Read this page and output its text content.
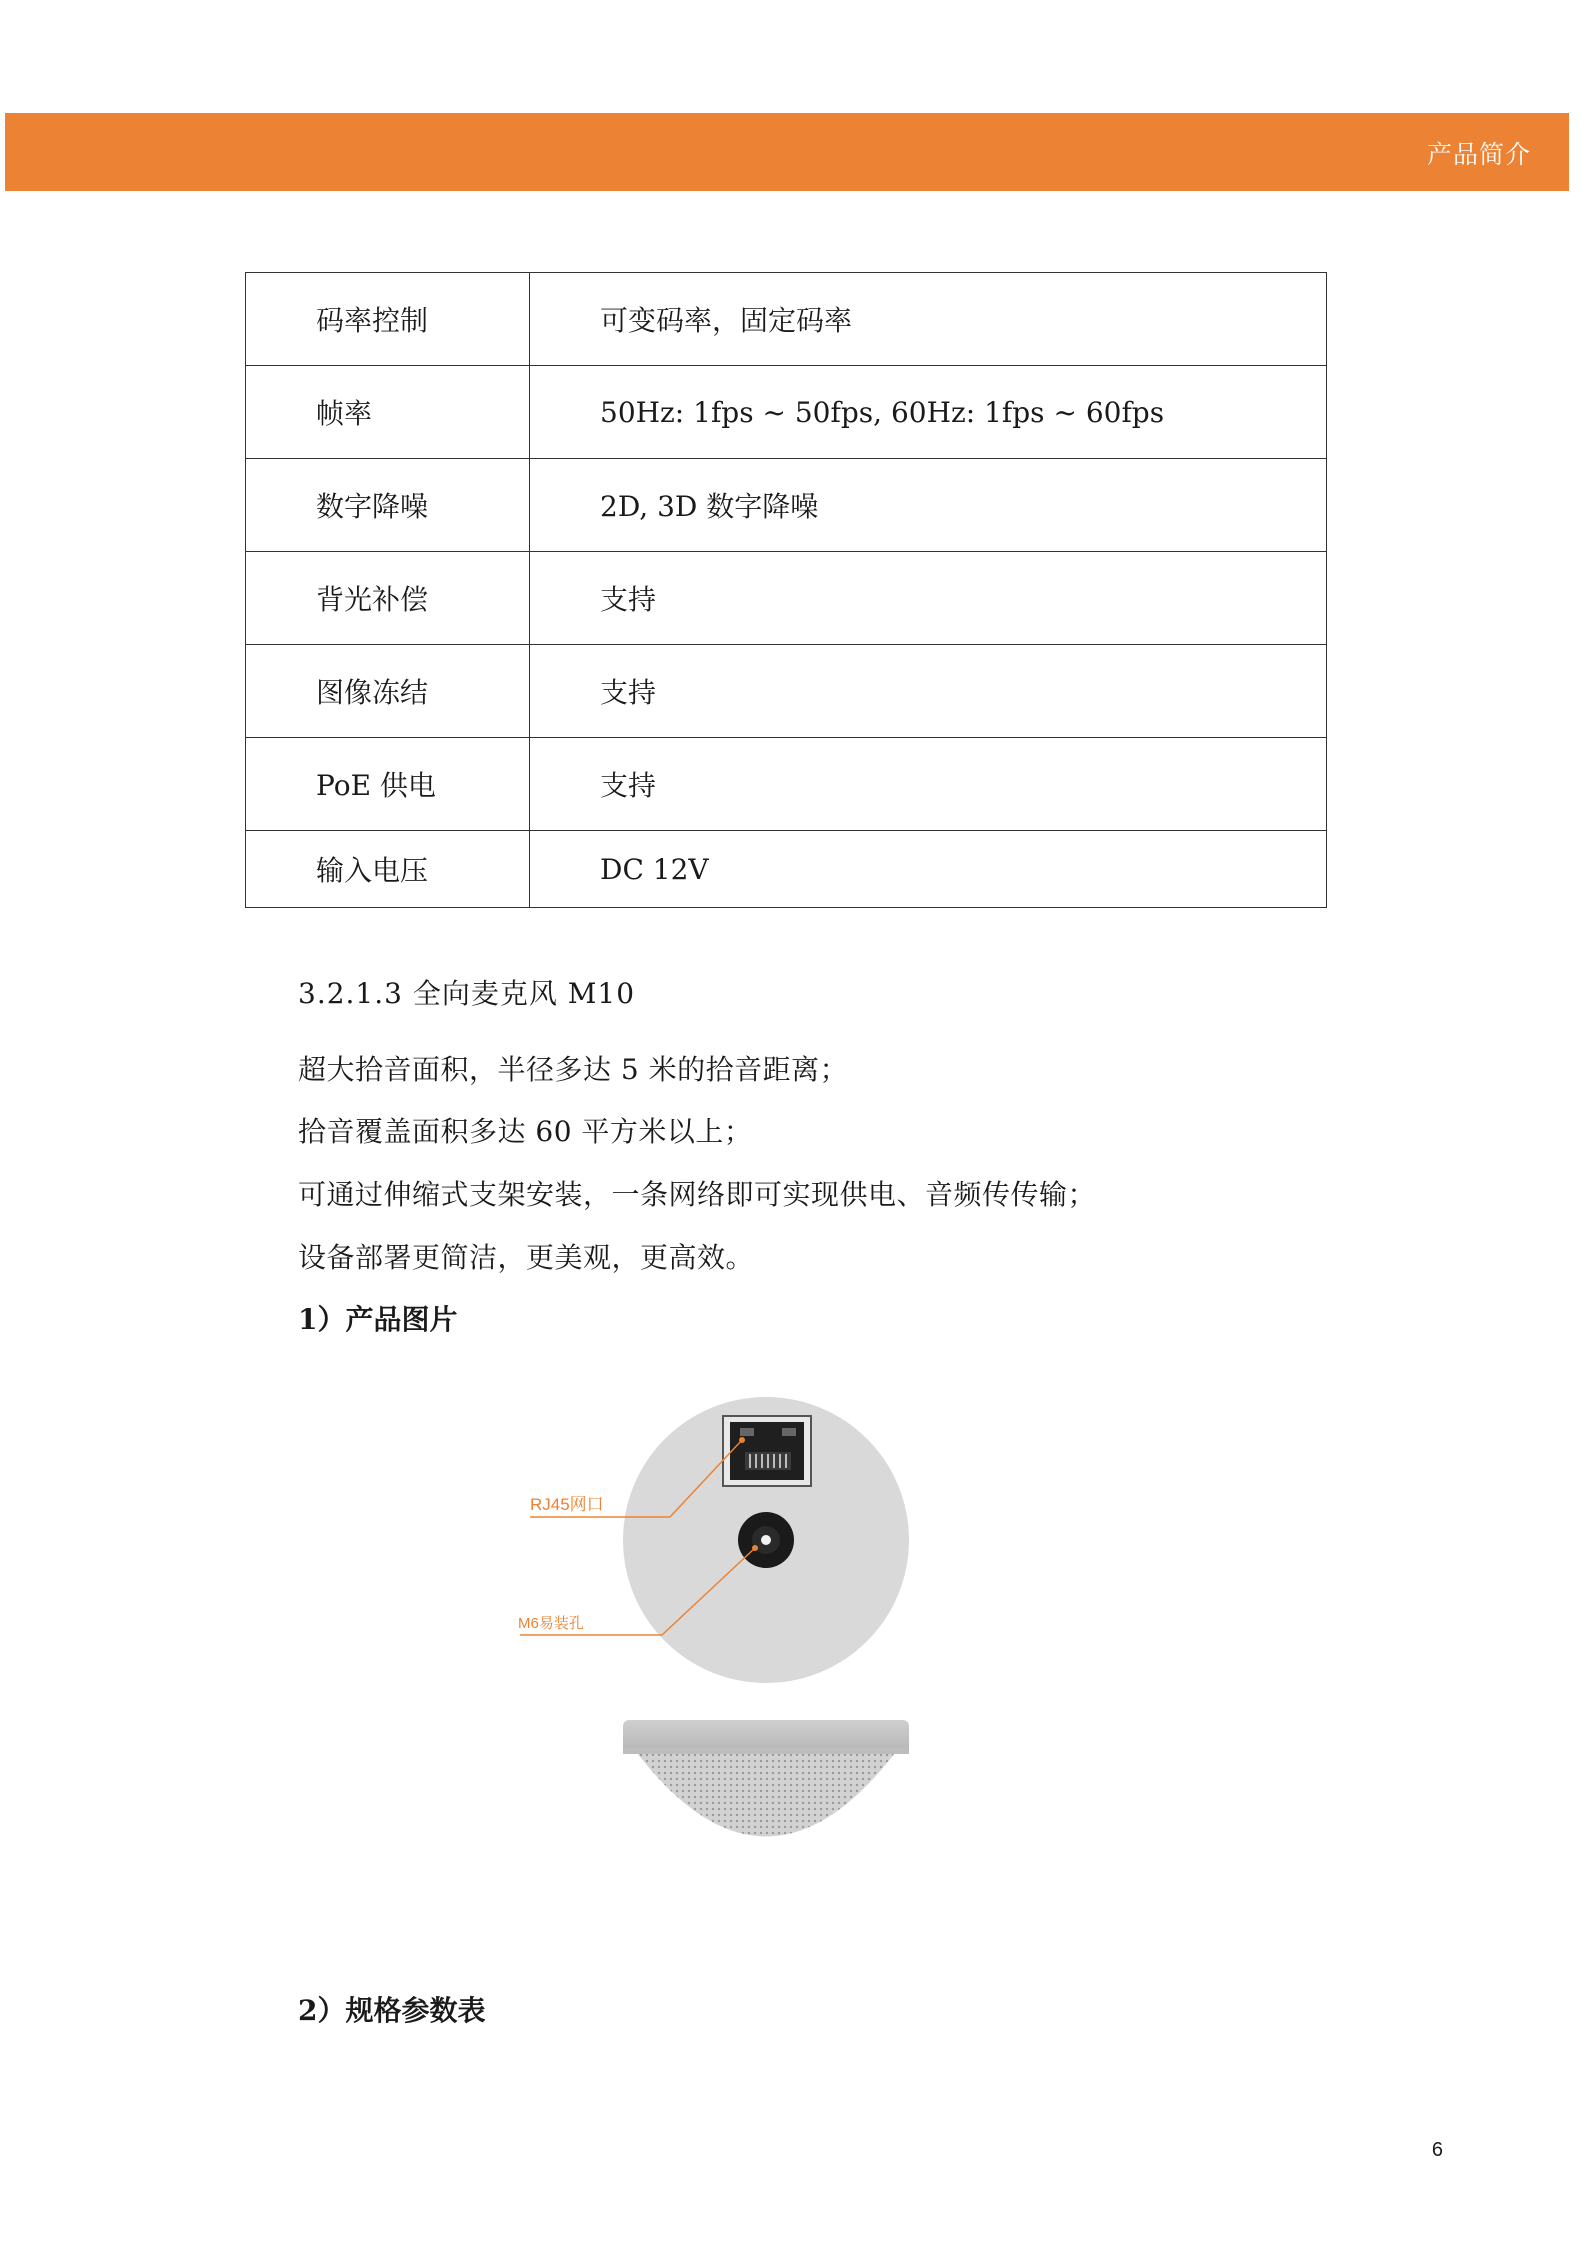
产品简介
码率控制	可变码率，固定码率
帧率	50Hz: 1fps ~ 50fps, 60Hz: 1fps ~ 60fps
数字降噪	2D, 3D 数字降噪
背光补偿	支持
图像冻结	支持
PoE 供电	支持
输入电压	DC 12V
3.2.1.3 全向麦克风 M10
超大拾音面积，半径多达 5 米的拾音距离；
拾音覆盖面积多达 60 平方米以上；
可通过伸缩式支架安装，一条网络即可实现供电、音频传传输；
设备部署更简洁，更美观，更高效。
1）产品图片
RJ45网口
M6易装孔
2）规格参数表
6
